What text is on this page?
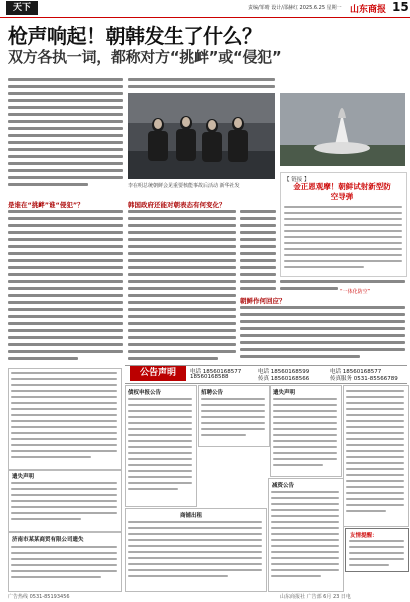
天下	责编/邹晴 设计/邵赫红 2025.6.25 星期一 山东商报 15
枪声响起！朝韩发生了什么？
双方各执一词，都称对方“挑衅”或“侵犯”
李在明总统朝鲜会见重要核能事故后活动 新华社发
是谁在“挑衅”谁“侵犯”？	韩国政府还能对朝表态有何变化？
朝鲜作何回应？
【 链接 】
金正恩观摩！朝鲜试射新型防空导弹
“一体化防空”
公告声明	电话 18560168577
18560168588
电话 18560168599
传真 18560168566
电话 18560168577
传真服务 0531-85566789
遗失声明
济南市某某商贸有限公司遗失
债权申报公告	招聘公告	遗失声明
商铺出租
减资公告
友情提醒：
广告热线 0531-85193456	山东商报社 广告部 6月 23 日电
